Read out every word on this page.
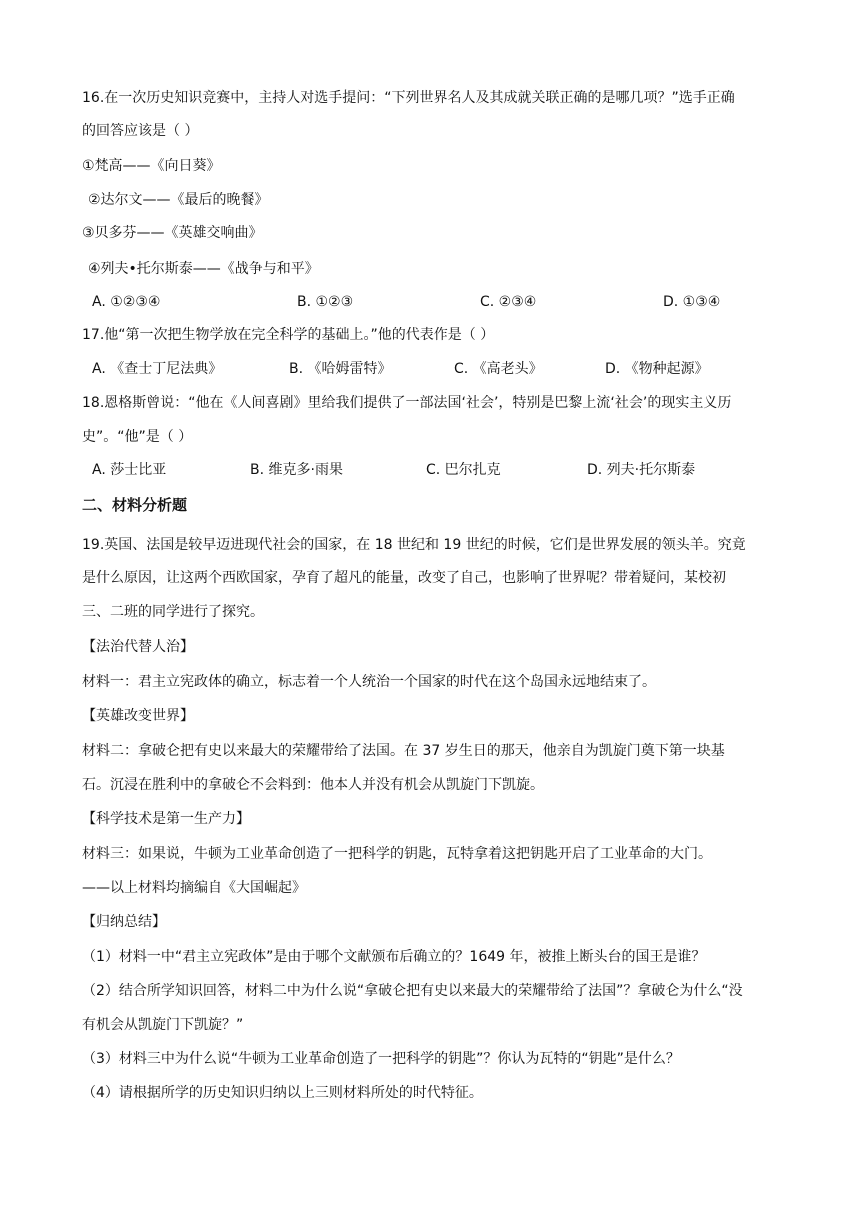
16.在一次历史知识竞赛中，主持人对选手提问：“下列世界名人及其成就关联正确的是哪几项？”选手正确
的回答应该是（ ）
①梵高——《向日葵》
②达尔文——《最后的晚餐》
③贝多芬——《英雄交响曲》
④列夫•托尔斯泰——《战争与和平》
A. ①②③④	B. ①②③	C. ②③④	D. ①③④
17.他“第一次把生物学放在完全科学的基础上。”他的代表作是（ ）
A. 《查士丁尼法典》	B. 《哈姆雷特》	C. 《高老头》	D. 《物种起源》
18.恩格斯曾说：“他在《人间喜剧》里给我们提供了一部法国‘社会’，特别是巴黎上流‘社会’的现实主义历
史”。“他”是（ ）
A. 莎士比亚	B. 维克多·雨果	C. 巴尔扎克	D. 列夫·托尔斯泰
二、材料分析题
19.英国、法国是较早迈进现代社会的国家，在 18 世纪和 19 世纪的时候，它们是世界发展的领头羊。究竟
是什么原因，让这两个西欧国家，孕育了超凡的能量，改变了自己，也影响了世界呢？带着疑问，某校初
三、二班的同学进行了探究。
【法治代替人治】
材料一：君主立宪政体的确立，标志着一个人统治一个国家的时代在这个岛国永远地结束了。
【英雄改变世界】
材料二：拿破仑把有史以来最大的荣耀带给了法国。在 37 岁生日的那天，他亲自为凯旋门奠下第一块基
石。沉浸在胜利中的拿破仑不会料到：他本人并没有机会从凯旋门下凯旋。
【科学技术是第一生产力】
材料三：如果说，牛顿为工业革命创造了一把科学的钥匙，瓦特拿着这把钥匙开启了工业革命的大门。
——以上材料均摘编自《大国崛起》
【归纳总结】
（1）材料一中“君主立宪政体”是由于哪个文献颁布后确立的？1649 年，被推上断头台的国王是谁？
（2）结合所学知识回答，材料二中为什么说“拿破仑把有史以来最大的荣耀带给了法国”？拿破仑为什么“没
有机会从凯旋门下凯旋？”
（3）材料三中为什么说“牛顿为工业革命创造了一把科学的钥匙”？你认为瓦特的“钥匙”是什么？
（4）请根据所学的历史知识归纳以上三则材料所处的时代特征。
